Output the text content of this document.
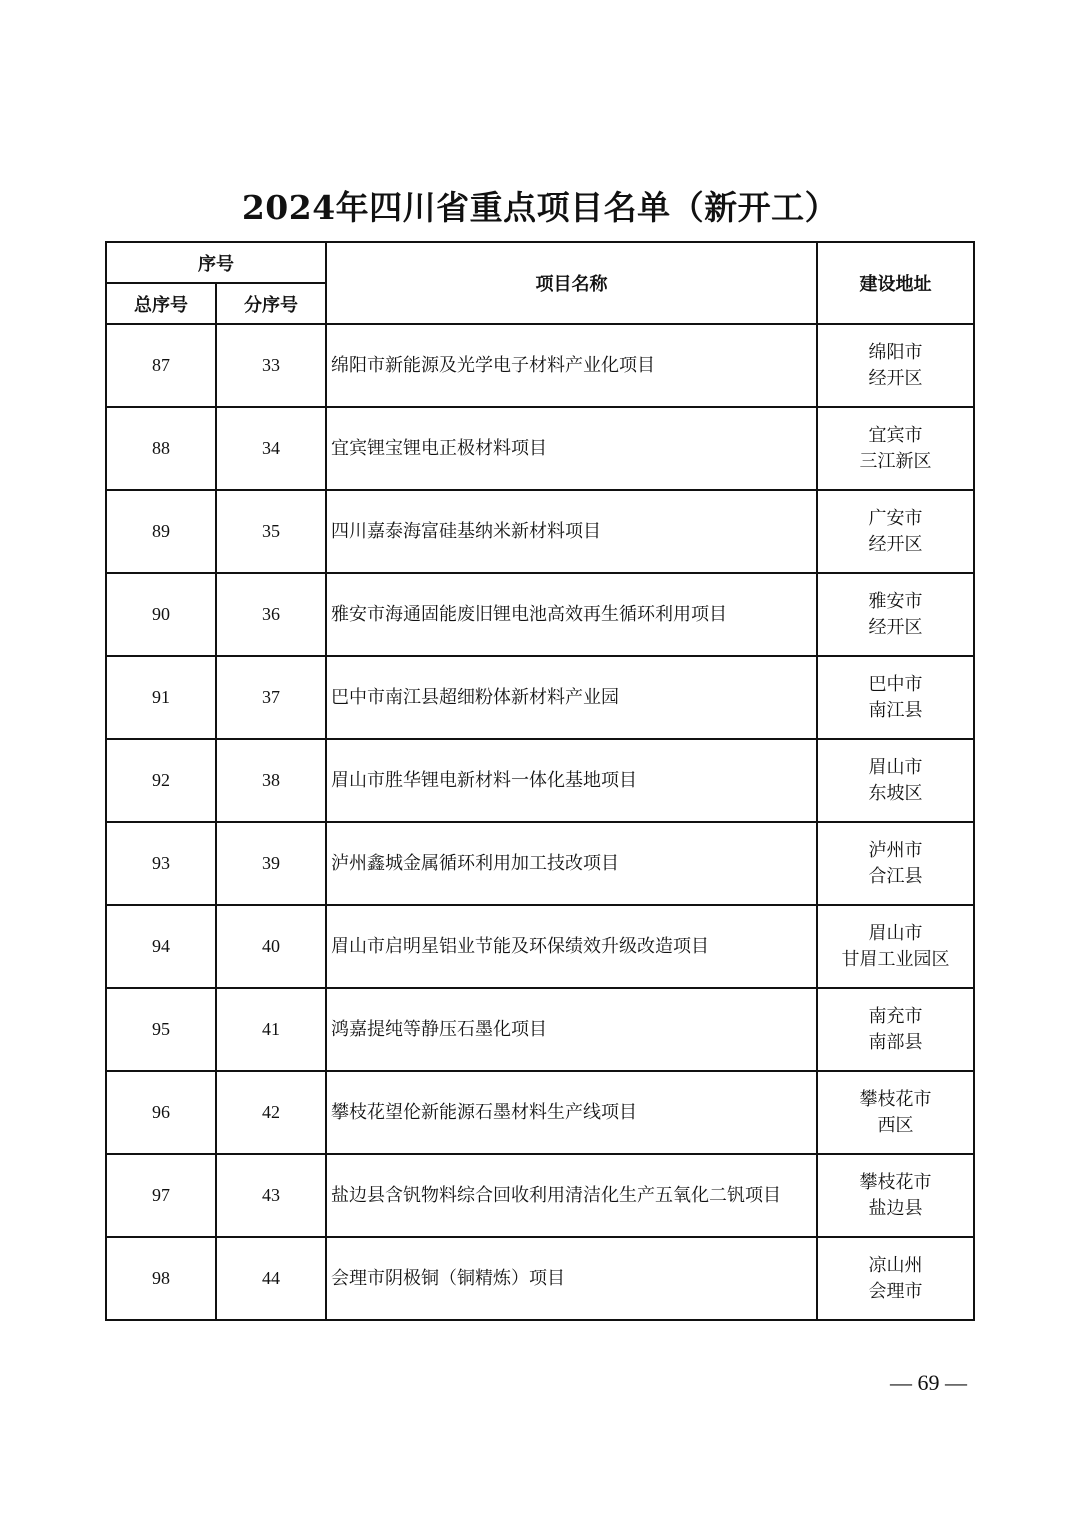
2024年四川省重点项目名单（新开工）
序号		项目名称	建设地址
总序号	分序号		
87	33	绵阳市新能源及光学电子材料产业化项目	绵阳市
经开区

88	34	宜宾锂宝锂电正极材料项目	宜宾市
三江新区

89	35	四川嘉泰海富硅基纳米新材料项目	广安市
经开区

90	36	雅安市海通固能废旧锂电池高效再生循环利用项目	雅安市
经开区

91	37	巴中市南江县超细粉体新材料产业园	巴中市
南江县

92	38	眉山市胜华锂电新材料一体化基地项目	眉山市
东坡区

93	39	泸州鑫城金属循环利用加工技改项目	泸州市
合江县

94	40	眉山市启明星铝业节能及环保绩效升级改造项目	眉山市
甘眉工业园区

95	41	鸿嘉提纯等静压石墨化项目	南充市
南部县

96	42	攀枝花望伦新能源石墨材料生产线项目	攀枝花市
西区

97	43	盐边县含钒物料综合回收利用清洁化生产五氧化二钒项目	攀枝花市
盐边县

98	44	会理市阴极铜（铜精炼）项目	凉山州
会理市
— 69 —
